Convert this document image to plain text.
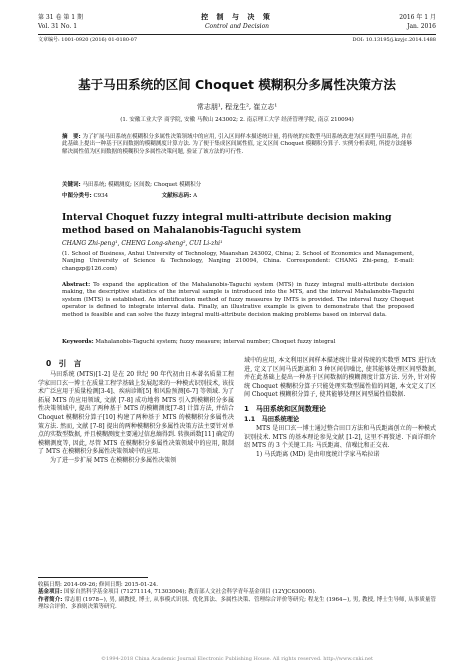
第 31 卷 第 1 期
Vol. 31 No. 1
控 制 与 决 策
Control and Decision
2016 年 1 月
Jan. 2016
文章编号: 1001-0920 (2016) 01-0180-07	DOI: 10.13195/j.kzyjc.2014.1488
基于马田系统的区间 Choquet 模糊积分多属性决策方法
常志朋¹, 程龙生², 崔立志¹
(1. 安徽工业大学 商学院, 安徽 马鞍山 243002; 2. 南京理工大学 经济管理学院, 南京 210094)
摘　要: 为了扩展马田系统在模糊积分多属性决策领域中的应用, 引入区间样本描述统计量, 将传统的实数型马田系统改进为区间型马田系统, 并在此基础上提出一种基于区间数据的模糊测度计算方法. 为了便于集成区间属性值, 定义区间 Choquet 模糊积分算子. 实例分析表明, 所提方法能够解决属性值为区间数据的模糊积分多属性决策问题, 验证了该方法的可行性.
关键词: 马田系统; 模糊测度; 区间数; Choquet 模糊积分
中图分类号: C934	文献标志码: A
Interval Choquet fuzzy integral multi-attribute decision making method based on Mahalanobis-Taguchi system
CHANG Zhi-peng¹, CHENG Long-sheng², CUI Li-zhi¹
(1. School of Business, Anhui University of Technology, Maanshan 243002, China; 2. School of Economics and Management, Nanjing University of Science & Technology, Nanjing 210094, China. Correspondent: CHANG Zhi-peng, E-mail: changzp@126.com)
Abstract: To expand the application of the Mahalanobis-Taguchi system (MTS) in fuzzy integral multi-attribute decision making, the descriptive statistics of the interval sample is introduced into the MTS, and the interval Mahalanobis-Taguchi system (IMTS) is established. An identification method of fuzzy measures by IMTS is provided. The interval fuzzy Choquet operator is defined to integrate interval data. Finally, an illustrative example is given to demonstrate that the proposed method is feasible and can solve the fuzzy integral multi-attribute decision making problems based on interval data.
Keywords: Mahalanobis-Taguchi system; fuzzy measure; interval number; Choquet fuzzy integral
0　引　言

马田系统 (MTS)[1-2] 是在 20 世纪 90 年代初由日本著名质量工程学家田口玄一博士在质量工程学基础上发展起来的一种模式识别技术, 该技术广泛应用于质量检测[3-4]、疾病诊断[5] 和风险预测[6-7] 等领域. 为了拓展 MTS 的应用领域, 文献 [7-8] 成功地将 MTS 引入到模糊积分多属性决策领域中, 提出了两种基于 MTS 的模糊测度[7-8] 计算方法, 并结合 Choquet 模糊积分算子[10] 构建了两种基于 MTS 的模糊积分多属性决策方法. 然而, 文献 [7-8] 提出的两种模糊积分多属性决策方法主要针对单点的实数型数据, 并且模糊测度主要通过信息熵得到. 转换函数[11] 确定的模糊测度等, 因此, 尽管 MTS 在模糊积分多属性决策领域中的应用, 限制了 MTS 在模糊积分多属性决策领域中的应用.

为了进一步扩展 MTS 在模糊积分多属性决策领

域中的应用, 本文利用区间样本描述统计量对传统的实数型 MTS 进行改进, 定义了区间马氏距离和 3 种区间信噪比, 使其能够处理区间型数据, 并在此基础上提出一种基于区间数据的模糊测度计算方法. 另外, 针对传统 Choquet 模糊积分算子只能处理实数型属性值的问题, 本文定义了区间 Choquet 模糊积分算子, 使其能够处理区间型属性值数据.

1　马田系统和区间数理论
1.1　马田系统理论

MTS 是田口玄一博士通过整合田口方法和马氏距离创立的一种模式识别技术. MTS 的基本理论参见文献 [1-2], 这里不再赘述. 下面详细介绍 MTS 的 3 个关键工具: 马氏距离、信噪比和正交表.

1) 马氏距离 (MD) 是由印度统计学家马哈拉诺

收稿日期: 2014-09-26; 修回日期: 2015-01-24.
基金项目: 国家自然科学基金项目 (71271114, 71303004); 教育部人文社会科学青年基金项目 (12YJC630005).
作者简介: 常志朋 (1978−), 男, 副教授, 博士, 从事模式识别、优化算法、多属性决策、管理综合评价等研究; 程龙生 (1964−), 男, 教授, 博士生导师, 从事质量管理综合评价、多准则决策等研究.
©1994-2018 China Academic Journal Electronic Publishing House. All rights reserved. http://www.cnki.net
